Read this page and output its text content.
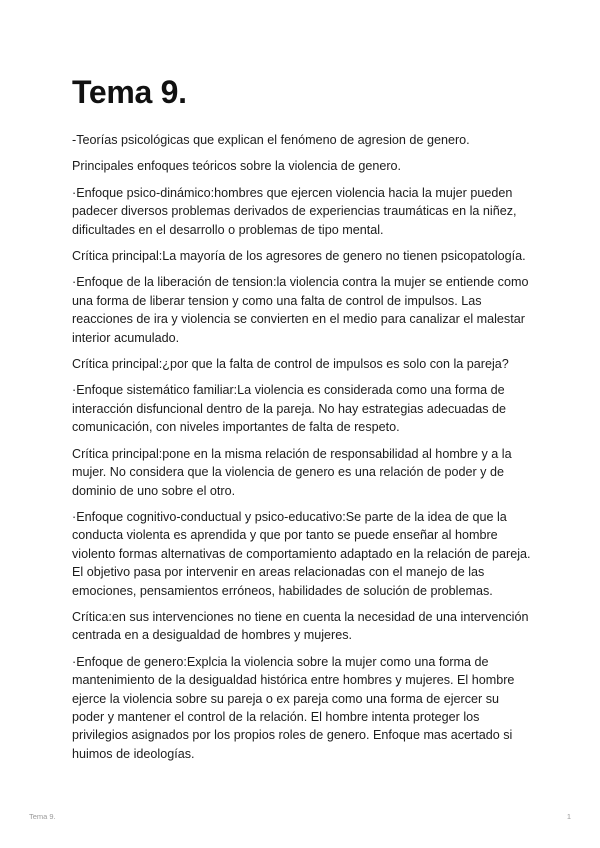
Tema 9.

-Teorías psicológicas que explican el fenómeno de agresion de genero.

Principales enfoques teóricos sobre la violencia de genero.

·Enfoque psico-dinámico:hombres que ejercen violencia hacia la mujer pueden padecer diversos problemas derivados de experiencias traumáticas en la niñez, dificultades en el desarrollo o problemas de tipo mental.

Crítica principal:La mayoría de los agresores de genero no tienen psicopatología.

·Enfoque de la liberación de tension:la violencia contra la mujer se entiende como una forma de liberar tension y como una falta de control de impulsos. Las reacciones de ira y violencia se convierten en el medio para canalizar el malestar interior acumulado.

Crítica principal:¿por que la falta de control de impulsos es solo con la pareja?

·Enfoque sistemático familiar:La violencia es considerada como una forma de interacción disfuncional dentro de la pareja. No hay estrategias adecuadas de comunicación, con niveles importantes de falta de respeto.

Crítica principal:pone en la misma relación de responsabilidad al hombre y a la mujer. No considera que la violencia de genero es una relación de poder y de dominio de uno sobre el otro.

·Enfoque cognitivo-conductual y psico-educativo:Se parte de la idea de que la conducta violenta es aprendida y que por tanto se puede enseñar al hombre violento formas alternativas de comportamiento adaptado en la relación de pareja. El objetivo pasa por intervenir en areas relacionadas con el manejo de las emociones, pensamientos erróneos, habilidades de solución de problemas.

Crítica:en sus intervenciones no tiene en cuenta la necesidad de una intervención centrada en a desigualdad de hombres y mujeres.

·Enfoque de genero:Explcia la violencia sobre la mujer como una forma de mantenimiento de la desigualdad histórica entre hombres y mujeres. El hombre ejerce la violencia sobre su pareja o ex pareja como una forma de ejercer su poder y mantener el control de la relación. El hombre intenta proteger los privilegios asignados por los propios roles de genero. Enfoque mas acertado si huimos de ideologías.

Tema 9.	1
